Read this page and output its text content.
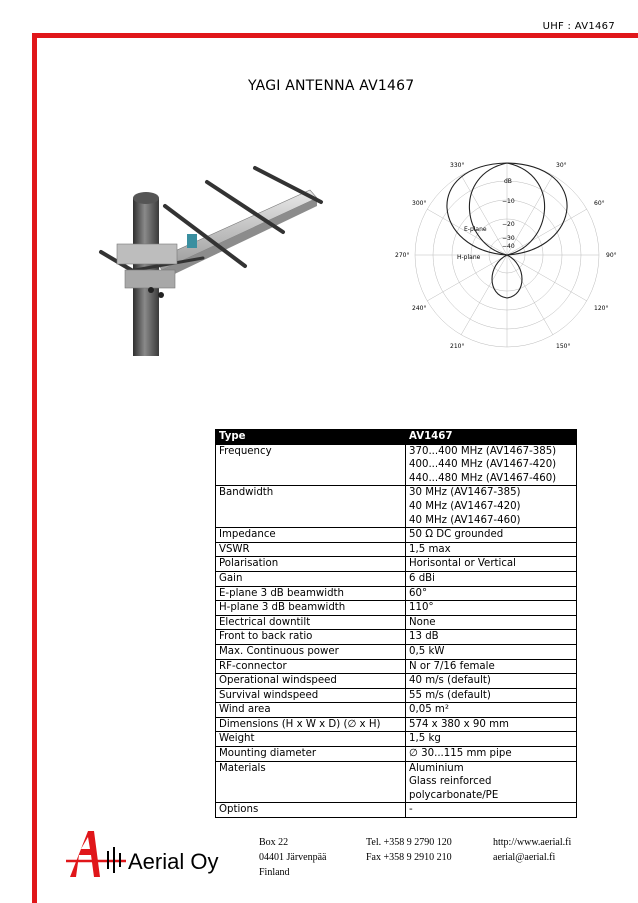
UHF : AV1467
YAGI ANTENNA AV1467
330°	30°
300°	60°
270°	90°
240°	120°
210°	150°
dB
−10
−20
−30
−40
E-plane
H-plane
Type	AV1467
Frequency	370...400 MHz (AV1467-385)
400...440 MHz (AV1467-420)
440...480 MHz (AV1467-460)

Bandwidth	30 MHz (AV1467-385)
40 MHz (AV1467-420)
40 MHz (AV1467-460)

Impedance	50 Ω DC grounded

VSWR	1,5 max

Polarisation	Horisontal or Vertical

Gain	6 dBi

E-plane 3 dB beamwidth	60°

H-plane 3 dB beamwidth	110°

Electrical downtilt	None

Front to back ratio	13 dB

Max. Continuous power	0,5 kW

RF-connector	N or 7/16 female

Operational windspeed	40 m/s (default)

Survival windspeed	55 m/s (default)

Wind area	0,05 m²

Dimensions (H x W x D) (∅ x H)	574 x 380 x 90 mm

Weight	1,5 kg

Mounting diameter	∅ 30...115 mm pipe

Materials	Aluminium
Glass reinforced
polycarbonate/PE

Options	-
Aerial Oy
Box 22
04401 Järvenpää
Finland
Tel. +358 9 2790 120
Fax +358 9 2910 210
http://www.aerial.fi
aerial@aerial.fi
